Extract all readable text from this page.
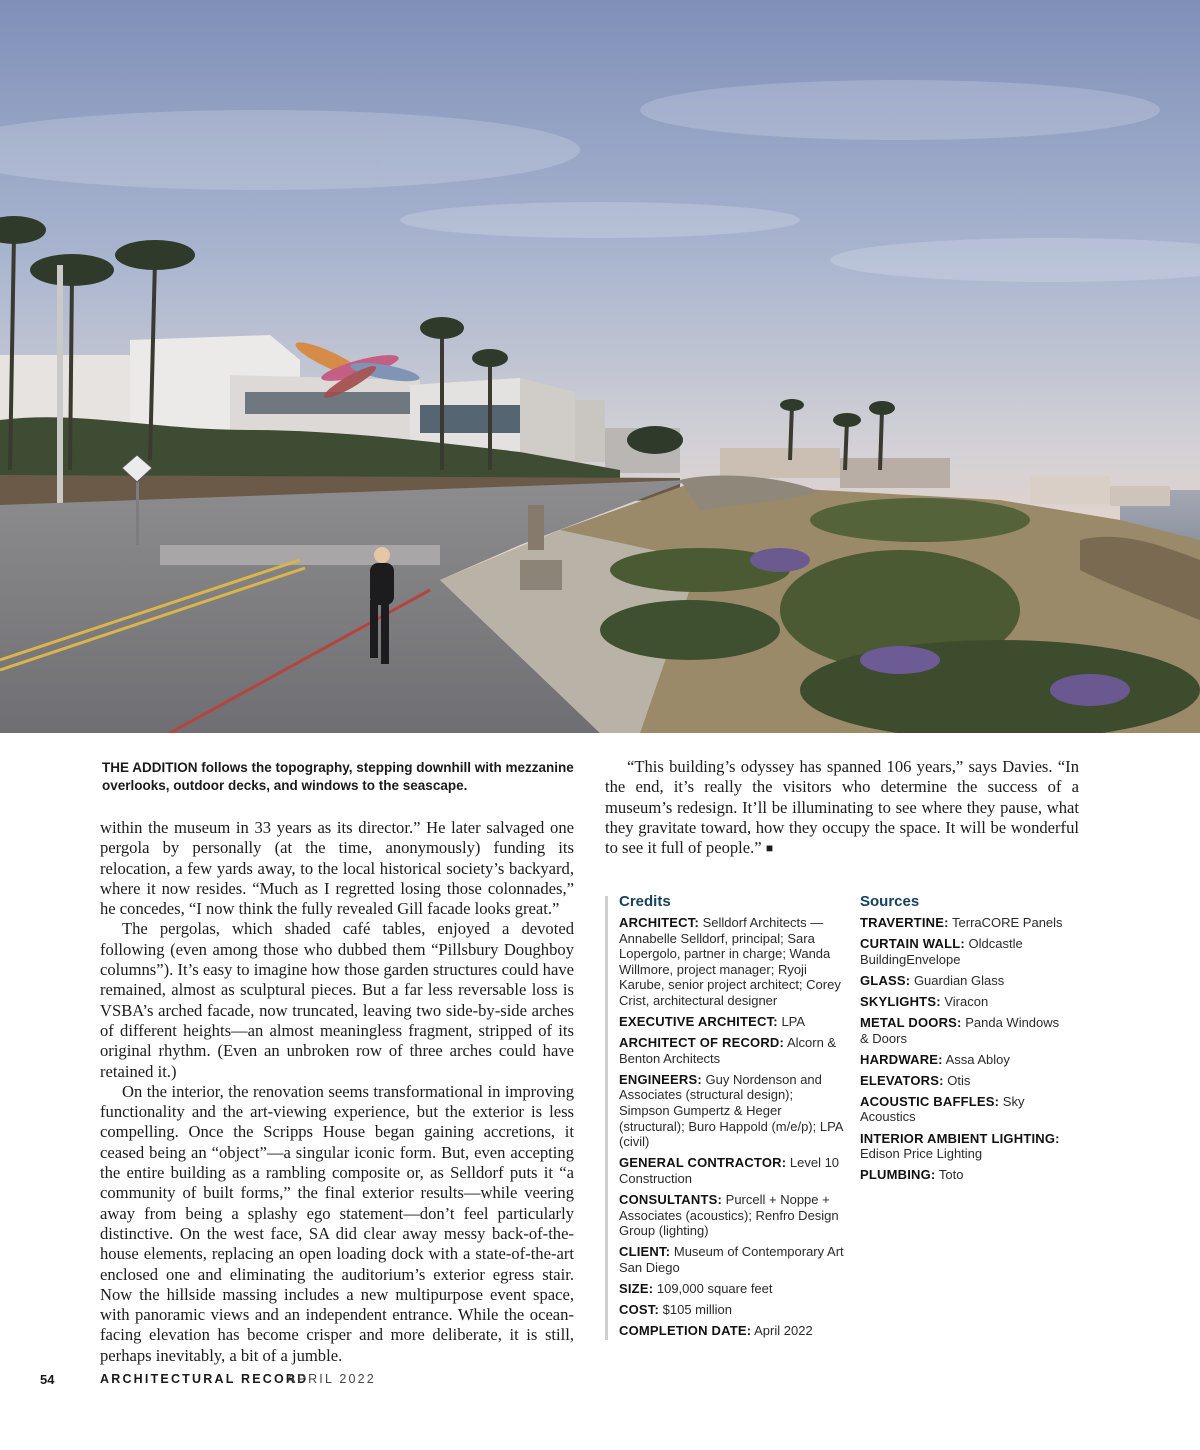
THE ADDITION follows the topography, stepping downhill with mezzanine overlooks, outdoor decks, and windows to the seascape.

within the museum in 33 years as its director.” He later salvaged one pergola by personally (at the time, anonymously) funding its relocation, a few yards away, to the local historical society’s backyard, where it now resides. “Much as I regretted losing those colonnades,” he concedes, “I now think the fully revealed Gill facade looks great.”

The pergolas, which shaded café tables, enjoyed a devoted following (even among those who dubbed them “Pillsbury Doughboy columns”). It’s easy to imagine how those garden structures could have remained, almost as sculptural pieces. But a far less reversable loss is VSBA’s arched facade, now truncated, leaving two side-by-side arches of different heights—an almost meaningless fragment, stripped of its original rhythm. (Even an unbroken row of three arches could have retained it.)

On the interior, the renovation seems transformational in improving functionality and the art-viewing experience, but the exterior is less compelling. Once the Scripps House began gaining accretions, it ceased being an “object”—a singular iconic form. But, even accepting the entire building as a rambling composite or, as Selldorf puts it “a community of built forms,” the final exterior results—while veering away from being a splashy ego statement—don’t feel particularly distinctive. On the west face, SA did clear away messy back-of-the-house elements, replacing an open loading dock with a state-of-the-art enclosed one and eliminating the auditorium’s exterior egress stair. Now the hillside massing includes a new multipurpose event space, with panoramic views and an independent entrance. While the ocean-facing elevation has become crisper and more deliberate, it is still, perhaps inevitably, a bit of a jumble.

“This building’s odyssey has spanned 106 years,” says Davies. “In the end, it’s really the visitors who determine the success of a museum’s redesign. It’ll be illuminating to see where they pause, what they gravitate toward, how they occupy the space. It will be wonderful to see it full of people.” ■

Credits
ARCHITECT: Selldorf Architects — Annabelle Selldorf, principal; Sara Lopergolo, partner in charge; Wanda Willmore, project manager; Ryoji Karube, senior project architect; Corey Crist, architectural designer
EXECUTIVE ARCHITECT: LPA
ARCHITECT OF RECORD: Alcorn & Benton Architects
ENGINEERS: Guy Nordenson and Associates (structural design); Simpson Gumpertz & Heger (structural); Buro Happold (m/e/p); LPA (civil)
GENERAL CONTRACTOR: Level 10 Construction
CONSULTANTS: Purcell + Noppe + Associates (acoustics); Renfro Design Group (lighting)
CLIENT: Museum of Contemporary Art San Diego
SIZE: 109,000 square feet
COST: $105 million
COMPLETION DATE: April 2022
Sources
TRAVERTINE: TerraCORE Panels
CURTAIN WALL: Oldcastle BuildingEnvelope
GLASS: Guardian Glass
SKYLIGHTS: Viracon
METAL DOORS: Panda Windows & Doors
HARDWARE: Assa Abloy
ELEVATORS: Otis
ACOUSTIC BAFFLES: Sky Acoustics
INTERIOR AMBIENT LIGHTING: Edison Price Lighting
PLUMBING: Toto
54	ARCHITECTURAL RECORD
APRIL 2022
